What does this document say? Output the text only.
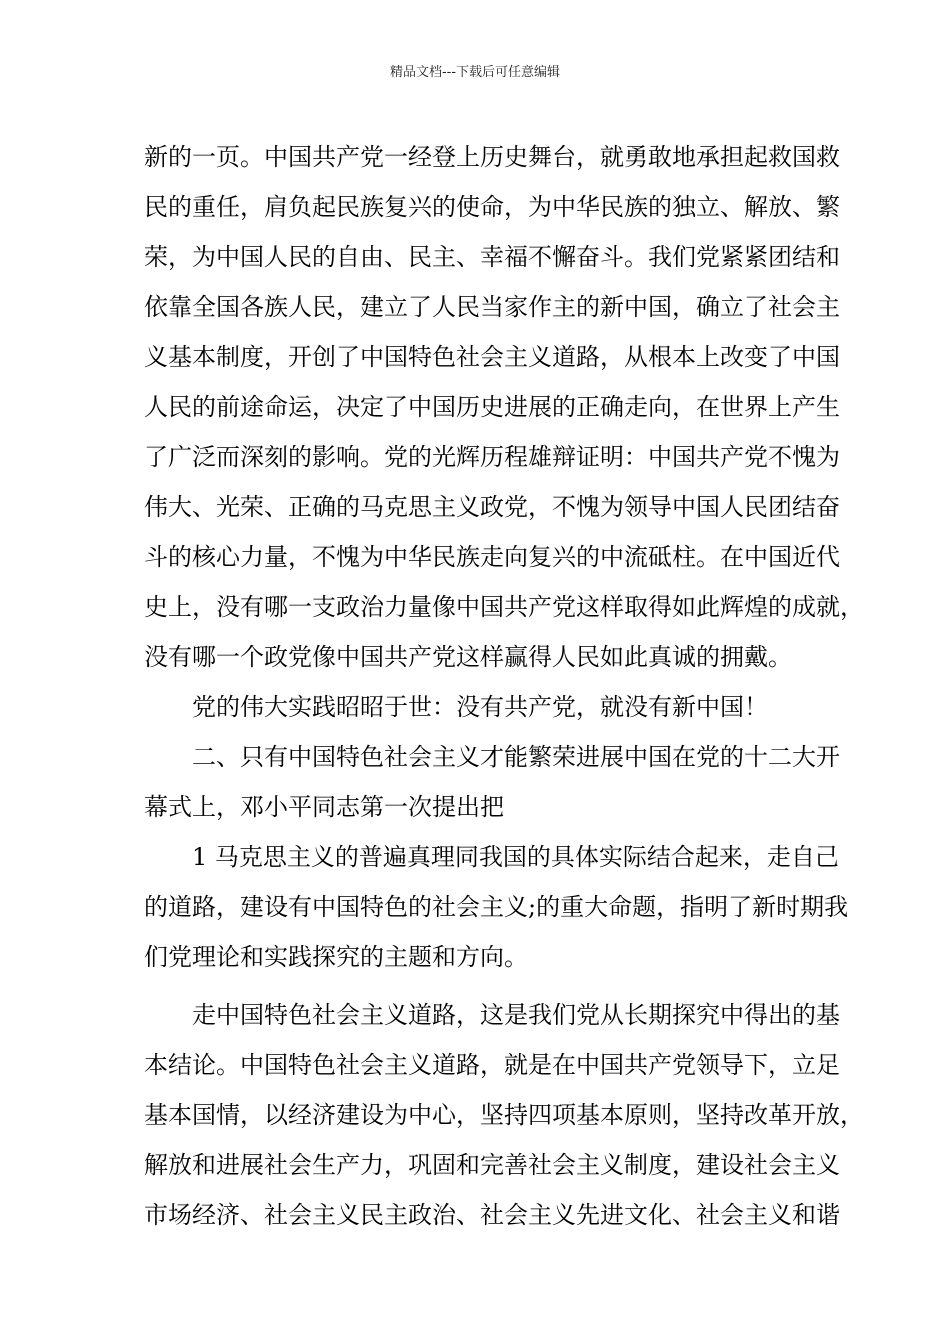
精品文档---下载后可任意编辑
新的一页。中国共产党一经登上历史舞台，就勇敢地承担起救国救
民的重任，肩负起民族复兴的使命，为中华民族的独立、解放、繁
荣，为中国人民的自由、民主、幸福不懈奋斗。我们党紧紧团结和
依靠全国各族人民，建立了人民当家作主的新中国，确立了社会主
义基本制度，开创了中国特色社会主义道路，从根本上改变了中国
人民的前途命运，决定了中国历史进展的正确走向，在世界上产生
了广泛而深刻的影响。党的光辉历程雄辩证明：中国共产党不愧为
伟大、光荣、正确的马克思主义政党，不愧为领导中国人民团结奋
斗的核心力量，不愧为中华民族走向复兴的中流砥柱。在中国近代
史上，没有哪一支政治力量像中国共产党这样取得如此辉煌的成就，
没有哪一个政党像中国共产党这样赢得人民如此真诚的拥戴。
党的伟大实践昭昭于世：没有共产党，就没有新中国！
二、只有中国特色社会主义才能繁荣进展中国在党的十二大开
幕式上，邓小平同志第一次提出把
1 马克思主义的普遍真理同我国的具体实际结合起来，走自己
的道路，建设有中国特色的社会主义;的重大命题，指明了新时期我
们党理论和实践探究的主题和方向。
走中国特色社会主义道路，这是我们党从长期探究中得出的基
本结论。中国特色社会主义道路，就是在中国共产党领导下，立足
基本国情，以经济建设为中心，坚持四项基本原则，坚持改革开放，
解放和进展社会生产力，巩固和完善社会主义制度，建设社会主义
市场经济、社会主义民主政治、社会主义先进文化、社会主义和谐
